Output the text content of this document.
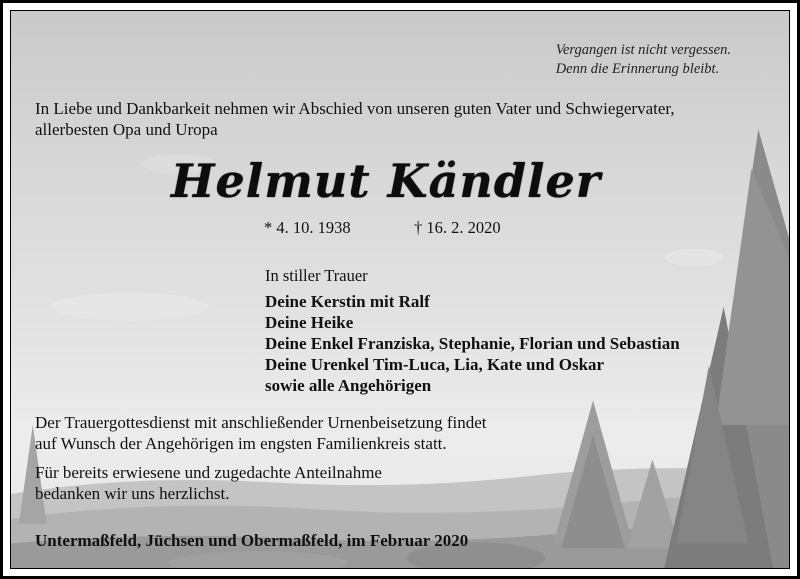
Vergangen ist nicht vergessen.
Denn die Erinnerung bleibt.

In Liebe und Dankbarkeit nehmen wir Abschied von unseren guten Vater und Schwiegervater,
allerbesten Opa und Uropa

Helmut Kändler
* 4. 10. 1938	† 16. 2. 2020
In stiller Trauer
Deine Kerstin mit Ralf
Deine Heike
Deine Enkel Franziska, Stephanie, Florian und Sebastian
Deine Urenkel Tim-Luca, Lia, Kate und Oskar
sowie alle Angehörigen

Der Trauergottesdienst mit anschließender Urnenbeisetzung findet
auf Wunsch der Angehörigen im engsten Familienkreis statt.

Für bereits erwiesene und zugedachte Anteilnahme
bedanken wir uns herzlichst.

Untermaßfeld, Jüchsen und Obermaßfeld, im Februar 2020
